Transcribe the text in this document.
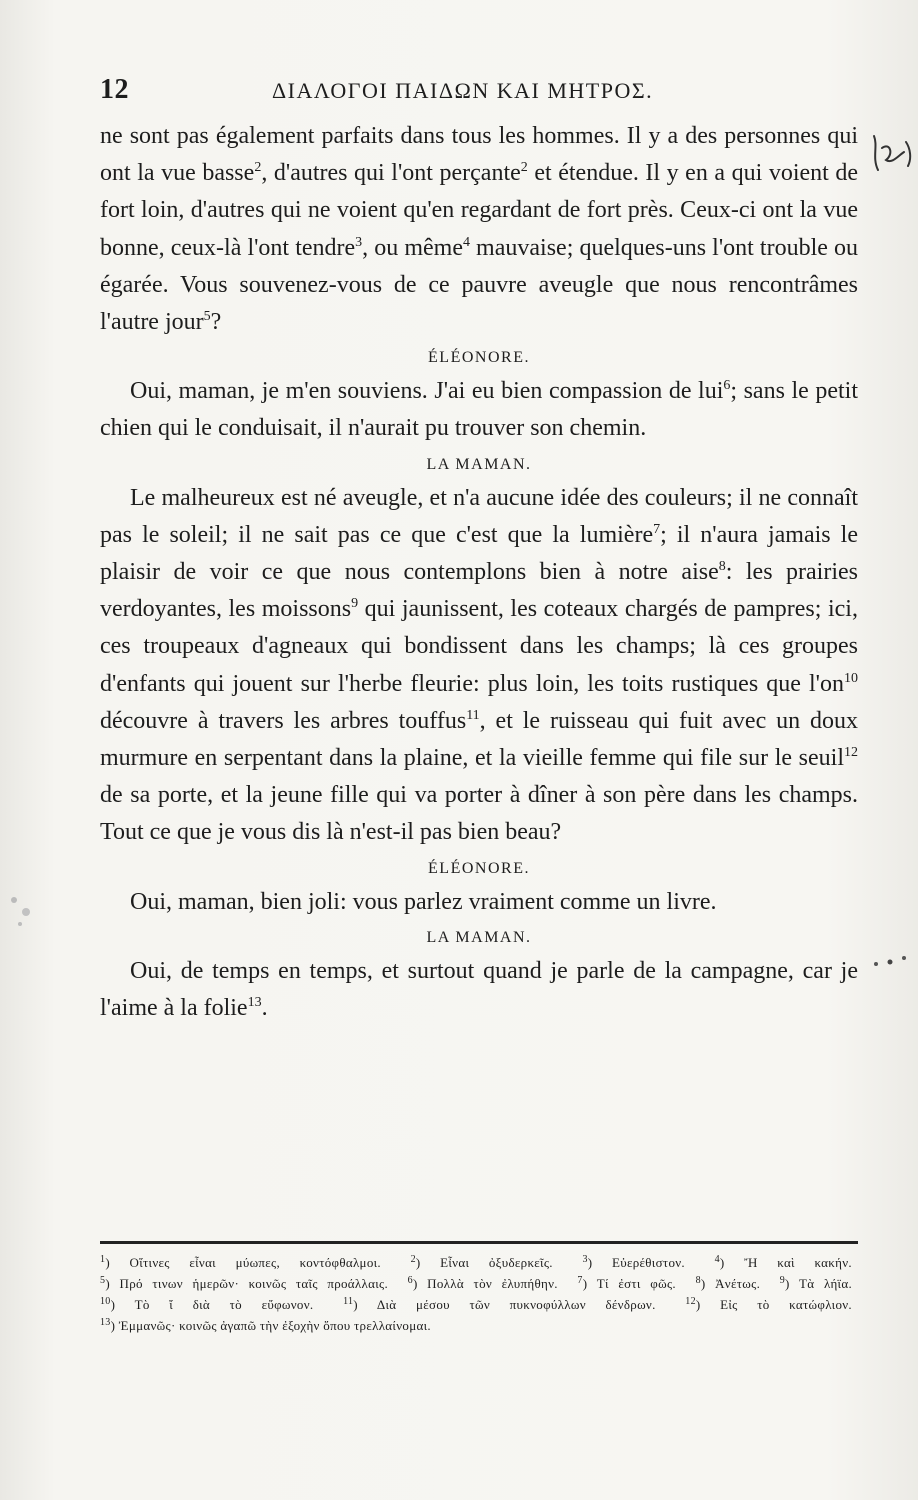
12	ΔΙΑΛΟΓΟΙ ΠΑΙΔΩΝ ΚΑΙ ΜΗΤΡΟΣ.

ne sont pas également parfaits dans tous les hommes. Il y a des personnes qui ont la vue basse$^2$, d'autres qui l'ont perçante$^2$ et étendue. Il y en a qui voient de fort loin, d'autres qui ne voient qu'en regardant de fort près. Ceux-ci ont la vue bonne, ceux-là l'ont tendre$^3$, ou même$^4$ mauvaise; quelques-uns l'ont trouble ou égarée. Vous souvenez-vous de ce pauvre aveugle que nous rencontrâmes l'autre jour$^5$?

ÉLÉONORE.

Oui, maman, je m'en souviens. J'ai eu bien compassion de lui$^6$; sans le petit chien qui le conduisait, il n'aurait pu trouver son chemin.

LA MAMAN.

Le malheureux est né aveugle, et n'a aucune idée des couleurs; il ne connaît pas le soleil; il ne sait pas ce que c'est que la lumière$^7$; il n'aura jamais le plaisir de voir ce que nous contemplons bien à notre aise$^8$: les prairies verdoyantes, les moissons$^9$ qui jaunissent, les coteaux chargés de pampres; ici, ces troupeaux d'agneaux qui bondissent dans les champs; là ces groupes d'enfants qui jouent sur l'herbe fleurie: plus loin, les toits rustiques que $l'on^{10}$ découvre à travers les arbres touffus$^{11}$, et le ruisseau qui fuit avec un doux murmure en serpentant dans la plaine, et la vieille femme qui file sur le seuil$^{12}$ de sa porte, et la jeune fille qui va porter à dîner à son père dans les champs. Tout ce que je vous dis là n'est-il pas bien beau?

ÉLÉONORE.

Oui, maman, bien joli: vous parlez vraiment comme un livre.

LA MAMAN.

Oui, de temps en temps, et surtout quand je parle de la campagne, car je l'aime à la folie$^{13}$.

$^1$) Οἵτινες εἶναι μύωπες, κοντόφθαλμοι.	$^2$) Εἶναι ὀξυδερκεῖς.	$^3$) Εὐερέθιστον.	$^4$) Ἤ καὶ κακήν. $^5$) Πρό τινων ἡμερῶν· κοινῶς ταῖς προάλλαις. $^6$) Πολλὰ τὸν ἐλυπήθην. $^7$) Τί ἐστι φῶς. $^8$) Ἀνέτως. $^9$) Τὰ λήϊα. $^{10}$) Τὸ ἴ διὰ τὸ εὔφωνον.	$^{11}$) Διὰ μέσου τῶν πυκνοφύλλων δένδρων.	$^{12}$) Εἰς τὸ κατώφλιον. $^{13}$) Ἐμμανῶς· κοινῶς ἀγαπῶ τὴν ἐξοχὴν ὅπου τρελλαίνομαι.
